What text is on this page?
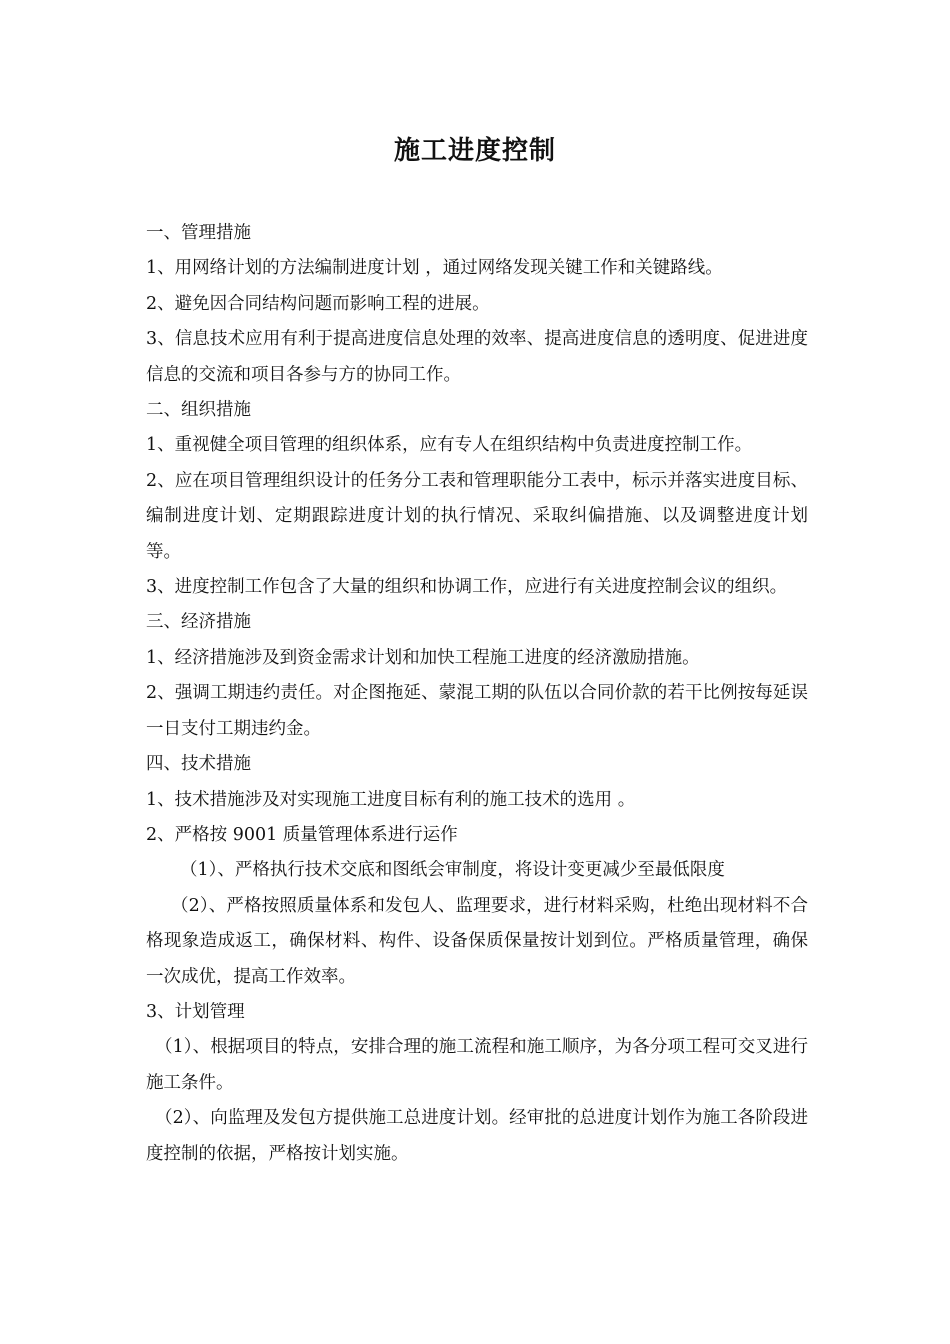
施工进度控制

一、管理措施

1、用网络计划的方法编制进度计划 ，通过网络发现关键工作和关键路线。

2、避免因合同结构问题而影响工程的进展。

3、信息技术应用有利于提高进度信息处理的效率、提高进度信息的透明度、促进进度信息的交流和项目各参与方的协同工作。

二、组织措施

1、重视健全项目管理的组织体系，应有专人在组织结构中负责进度控制工作。

2、应在项目管理组织设计的任务分工表和管理职能分工表中，标示并落实进度目标、编制进度计划、定期跟踪进度计划的执行情况、采取纠偏措施、以及调整进度计划等。

3、进度控制工作包含了大量的组织和协调工作，应进行有关进度控制会议的组织。

三、经济措施

1、经济措施涉及到资金需求计划和加快工程施工进度的经济激励措施。

2、强调工期违约责任。对企图拖延、蒙混工期的队伍以合同价款的若干比例按每延误一日支付工期违约金。

四、技术措施

1、技术措施涉及对实现施工进度目标有利的施工技术的选用 。

2、严格按 9001 质量管理体系进行运作

（1）、严格执行技术交底和图纸会审制度，将设计变更减少至最低限度

（2）、严格按照质量体系和发包人、监理要求，进行材料采购，杜绝出现材料不合格现象造成返工，确保材料、构件、设备保质保量按计划到位。严格质量管理，确保一次成优，提高工作效率。

3、计划管理

（1）、根据项目的特点，安排合理的施工流程和施工顺序，为各分项工程可交叉进行施工条件。

（2）、向监理及发包方提供施工总进度计划。经审批的总进度计划作为施工各阶段进度控制的依据，严格按计划实施。
